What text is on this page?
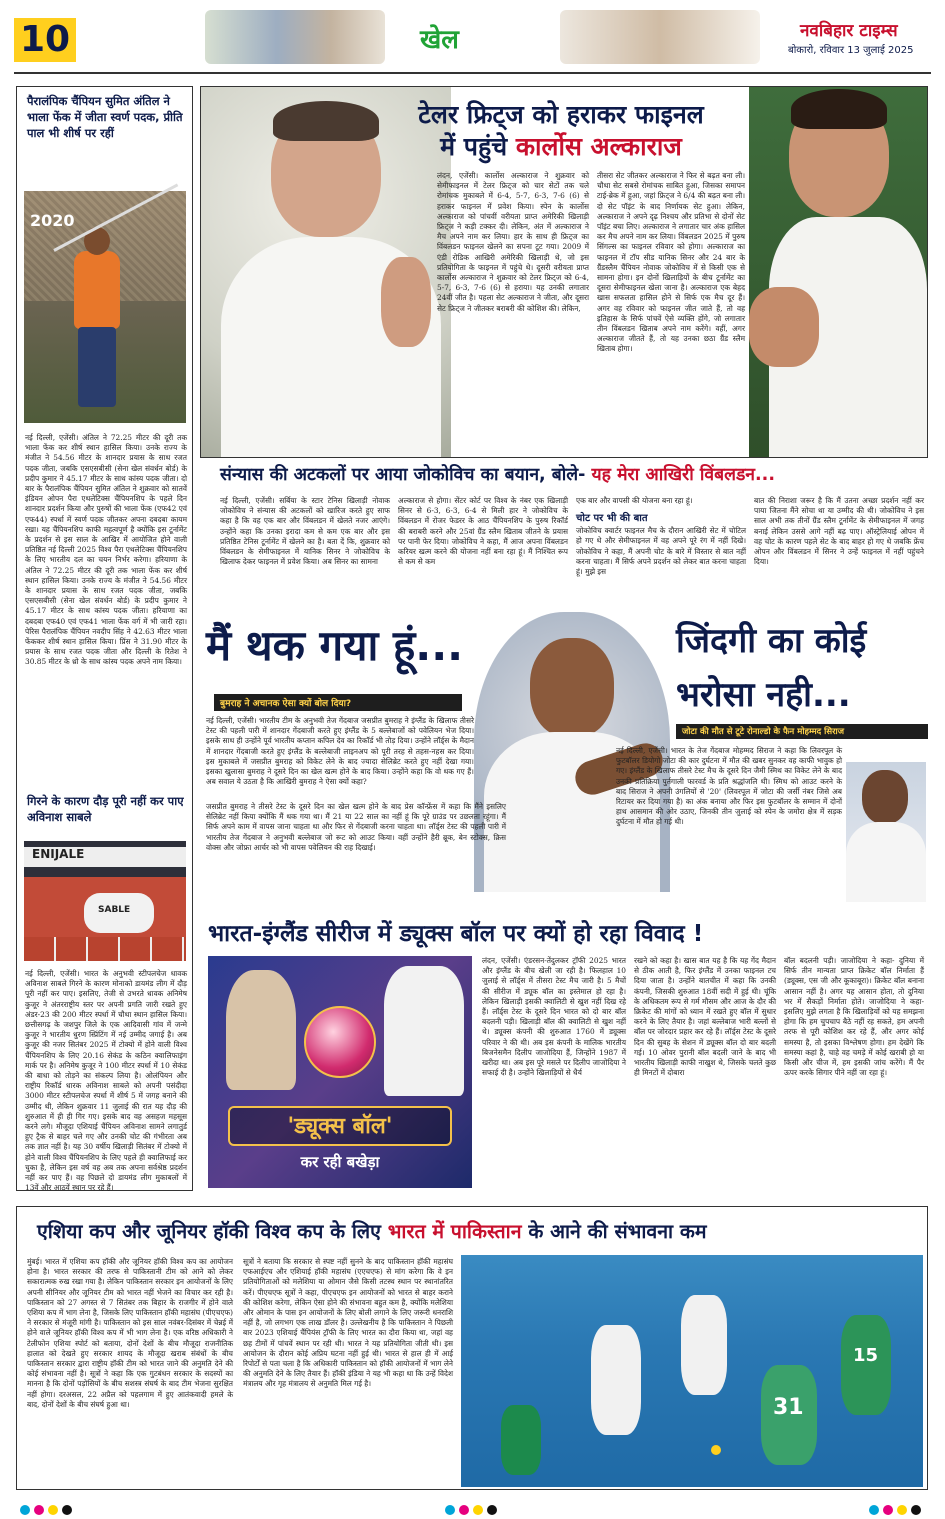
10	खेल	नवबिहार टाइम्स
बोकारो, रविवार 13 जुलाई 2025
पैरालंपिक चैंपियन सुमित अंतिल ने भाला फेंक में जीता स्वर्ण पदक, प्रीति पाल भी शीर्ष पर रहीं
2020
नई दिल्ली, एजेंसी। अंतिल ने 72.25 मीटर की दूरी तक भाला फेंक कर शीर्ष स्थान हासिल किया। उनके राज्य के मंजीत ने 54.56 मीटर के शानदार प्रयास के साथ रजत पदक जीता, जबकि एसएसबीसी (सेना खेल संवर्धन बोर्ड) के प्रदीप कुमार ने 45.17 मीटर के साथ कांस्य पदक जीता। दो बार के पैरालंपिक चैंपियन सुमित अंतिल ने शुक्रवार को सातवें इंडियन ओपन पैरा एथलेटिक्स चैंपियनशिप के पहले दिन शानदार प्रदर्शन किया और पुरुषों की भाला फेंक (एफ42 एवं एफ44) स्पर्धा में स्वर्ण पदक जीतकर अपना दबदबा कायम रखा। यह चैंपियनशिप काफी महत्वपूर्ण है क्योंकि इस टूर्नामेंट के प्रदर्शन से इस साल के आखिर में आयोजित होने वाली प्रतिष्ठित नई दिल्ली 2025 विश्व पैरा एथलेटिक्स चैंपियनशिप के लिए भारतीय दल का चयन निर्भर करेगा। हरियाणा के अंतिल ने 72.25 मीटर की दूरी तक भाला फेंक कर शीर्ष स्थान हासिल किया। उनके राज्य के मंजीत ने 54.56 मीटर के शानदार प्रयास के साथ रजत पदक जीता, जबकि एसएसबीसी (सेना खेल संवर्धन बोर्ड) के प्रदीप कुमार ने 45.17 मीटर के साथ कांस्य पदक जीता। हरियाणा का दबदबा एफ40 एवं एफ41 भाला फेंक वर्ग में भी जारी रहा। पेरिस पैरालंपिक चैंपियन नवदीप सिंह ने 42.63 मीटर भाला फेंककर शीर्ष स्थान हासिल किया। प्रिंस ने 31.90 मीटर के प्रयास के साथ रजत पदक जीता और दिल्ली के रितेश ने 30.85 मीटर के थ्रो के साथ कांस्य पदक अपने नाम किया।
गिरने के कारण दौड़ पूरी नहीं कर पाए अविनाश साबले
ENIJALE
SABLE
नई दिल्ली, एजेंसी। भारत के अनुभवी स्टीपलचेज धावक अविनाश साबले गिरने के कारण मोनाको डायमंड लीग में दौड़ पूरी नहीं कर पाए। इसलिए, तेजी से उभरते धावक अनिमेष कुजूर ने अंतरराष्ट्रीय स्तर पर अपनी प्रगति जारी रखते हुए अंडर-23 की 200 मीटर स्पर्धा में चौथा स्थान हासिल किया। छत्तीसगढ़ के जशपुर जिले के एक आदिवासी गांव में जन्मे कुजूर ने भारतीय धुरण स्प्रिंटिंग में नई उम्मीद जगाई है। अब कुजूर की नजर सितंबर 2025 में टोक्यो में होने वाली विश्व चैंपियनशिप के लिए 20.16 सेकंड के कठिन क्वालिफाइंग मार्क पर है। अनिमेष कुजूर ने 100 मीटर स्पर्धा में 10 सेकंड की बाधा को तोड़ने का संकल्प लिया है। ओलंपियन और राष्ट्रीय रिकॉर्ड धारक अविनाश साबले को अपनी पसंदीदा 3000 मीटर स्टीपलचेज स्पर्धा में शीर्ष 5 में जगह बनाने की उम्मीद थी, लेकिन शुक्रवार 11 जुलाई की रात यह दौड़ की शुरुआत में ही ही गिर गए। इसके बाद वह असहज महसूस करने लगे। मौजूदा एशियाई चैंपियन अविनाश सामने लगातुर्ड हुए ट्रैक से बाहर चले गए और उनकी चोट की गंभीरता अब तक ज्ञात नहीं है। यह 30 वर्षीय खिलाड़ी सितंबर में टोक्यो में होने वाली विश्व चैंपियनशिप के लिए पहले ही क्वालिफाई कर चुका है, लेकिन इस वर्ष वह अब तक अपना सर्वश्रेष्ठ प्रदर्शन नहीं कर पाए हैं। वह पिछले दो डायमंड लीग मुकाबलों में 13वें और आठवें स्थान पर रहे हैं।
टेलर फ्रिट्ज को हराकर फाइनल
में पहुंचे कार्लोस अल्काराज
लंदन, एजेंसी। कार्लोस अल्काराज ने शुक्रवार को सेमीफाइनल में टेलर फ्रिट्ज को चार सेटों तक चले रोमांचक मुकाबले में 6-4, 5-7, 6-3, 7-6 (6) से हराकर फाइनल में प्रवेश किया। स्पेन के कार्लोस अल्काराज को पांचवीं वरीयता प्राप्त अमेरिकी खिलाड़ी फ्रिट्ज ने कड़ी टक्कर दी। लेकिन, अंत में अल्काराज ने मैच अपने नाम कर लिया। हार के साथ ही फ्रिट्ज का विंबलडन फाइनल खेलने का सपना टूट गया। 2009 में एंडी रोडिक आखिरी अमेरिकी खिलाड़ी थे, जो इस प्रतियोगिता के फाइनल में पहुंचे थे। दूसरी वरीयता प्राप्त कार्लोस अल्काराज ने शुक्रवार को टेलर फ्रिट्ज को 6-4, 5-7, 6-3, 7-6 (6) से हराया। यह उनकी लगातार 24वीं जीत है। पहला सेट अल्काराज ने जीता, और दूसरा सेट फ्रिट्ज ने जीतकर बराबरी की कोशिश की। लेकिन,
तीसरा सेट जीतकर अल्काराज ने फिर से बढ़त बना ली। चौथा सेट सबसे रोमांचक साबित हुआ, जिसका समापन टाई-ब्रेक में हुआ, जहां फ्रिट्ज ने 6/4 की बढ़त बना ली। दो सेट पॉइंट के बाद निर्णायक सेट हुआ। लेकिन, अल्काराज ने अपने दृढ़ निश्चय और प्रतिभा से दोनों सेट पॉइंट बचा लिए। अल्काराज ने लगातार चार अंक हासिल कर मैच अपने नाम कर लिया। विंबलडन 2025 में पुरुष सिंगल्स का फाइनल रविवार को होगा। अल्काराज का फाइनल में टॉप सीड यानिक सिनर और 24 बार के ग्रैंडस्लैम चैंपियन नोवाक जोकोविच में से किसी एक से सामना होगा। इन दोनों खिलाड़ियों के बीच टूर्नामेंट का दूसरा सेमीफाइनल खेला जाना है। अल्काराज एक बेहद खास सफलता हासिल होने से सिर्फ एक मैच दूर हैं। अगर वह रविवार को फाइनल जीत जाते हैं, तो वह इतिहास के सिर्फ पांचवें ऐसे व्यक्ति होंगे, जो लगातार तीन विंबलडन खिताब अपने नाम करेंगे। वहीं, अगर अल्काराज जीतते हैं, तो यह उनका छठा ग्रैंड स्लैम खिताब होगा।
संन्यास की अटकलों पर आया जोकोविच का बयान, बोले- यह मेरा आखिरी विंबलडन...
नई दिल्ली, एजेंसी। सर्बिया के स्टार टेनिस खिलाड़ी नोवाक जोकोविच ने संन्यास की अटकलों को खारिज करते हुए साफ कहा है कि वह एक बार और विंबलडन में खेलते नजर आएंगे। उन्होंने कहा कि उनका इरादा कम से कम एक बार और इस प्रतिष्ठित टेनिस टूर्नामेंट में खेलने का है। बता दें कि, शुक्रवार को विंबलडन के सेमीफाइनल में यानिक सिनर ने जोकोविच के खिलाफ देकर फाइनल में प्रवेश किया। अब सिनर का सामना
अल्काराज से होगा। सेंटर कोर्ट पर विश्व के नंबर एक खिलाड़ी सिनर से 6-3, 6-3, 6-4 से मिली हार ने जोकोविच के विंबलडन में रोजर फेडरर के आठ चैंपियनशिप के पुरुष रिकॉर्ड की बराबरी करने और 25वां ग्रैंड स्लैम खिताब जीतने के प्रयास पर पानी फेर दिया। जोकोविच ने कहा, मैं आज अपना विंबलडन करियर खत्म करने की योजना नहीं बना रहा हूं। मैं निश्चित रूप से कम से कम
एक बार और वापसी की योजना बना रहा हूं।
चोट पर भी की बात
जोकोविच क्वार्टर फाइनल मैच के दौरान आखिरी सेट में चोटिल हो गए थे और सेमीफाइनल में वह अपने पूरे रंग में नहीं दिखे। जोकोविच ने कहा, मैं अपनी चोट के बारे में विस्तार से बात नहीं करना चाहता। मैं सिर्फ अपने प्रदर्शन को लेकर बात करना चाहता हूं। मुझे इस
बात की निराशा जरूर है कि मैं उतना अच्छा प्रदर्शन नहीं कर पाया जितना मैंने सोचा था या उम्मीद की थी। जोकोविच ने इस साल अभी तक तीनों ग्रैंड स्लैम टूर्नामेंट के सेमीफाइनल में जगह बनाई लेकिन उससे आगे नहीं बढ़ पाए। ऑस्ट्रेलियाई ओपन में वह चोट के कारण पहले सेट के बाद बाहर हो गए थे जबकि फ्रेंच ओपन और विंबलडन में सिनर ने उन्हें फाइनल में नहीं पहुंचने दिया।
मैं थक गया हूं...
बुमराह ने अचानक ऐसा क्यों बोल दिया?
नई दिल्ली, एजेंसी। भारतीय टीम के अनुभवी तेज गेंदबाज जसप्रीत बुमराह ने इंग्लैंड के खिलाफ तीसरे टेस्ट की पहली पारी में शानदार गेंदबाजी करते हुए इंग्लैंड के 5 बल्लेबाजों को पवेलियन भेज दिया। इसके साथ ही उन्होंने पूर्व भारतीय कप्तान कपिल देव का रिकॉर्ड भी तोड़ दिया। उन्होंने लॉर्ड्स के मैदान में शानदार गेंदबाजी करते हुए इंग्लैंड के बल्लेबाजी लाइनअप को पूरी तरह से तहस-नहस कर दिया। इस मुकाबले में जसप्रीत बुमराह को विकेट लेने के बाद ज्यादा सेलिब्रेट करते हुए नहीं देखा गया। इसका खुलासा बुमराह ने दूसरे दिन का खेल खत्म होने के बाद किया। उन्होंने कहा कि वो थक गए हैं। अब सवाल ये उठता है कि आखिरी बुमराह ने ऐसा क्यों कहा?
जसप्रीत बुमराह ने तीसरे टेस्ट के दूसरे दिन का खेल खत्म होने के बाद प्रेस कॉन्फ्रेंस में कहा कि मैंने इसलिए सेलिब्रेट नहीं किया क्योंकि मैं थक गया था। मैं 21 या 22 साल का नहीं हूं कि पूरे ग्राउंड पर उछलता रहूंगा। मैं सिर्फ अपने काम में वापस जाना चाहता था और फिर से गेंदबाजी करना चाहता था। लॉर्ड्स टेस्ट की पहली पारी में भारतीय तेज गेंदबाज ने अनुभवी बल्लेबाज जो रूट को आउट किया। वहीं उन्होंने हैरी ब्रूक, बेन स्टोक्स, क्रिस वोक्स और जोफ्रा आर्चर को भी वापस पवेलियन की राह दिखाई।
जिंदगी का कोई
भरोसा नही...
जोटा की मौत से टूटे रोनाल्डो के फैन मोहम्मद सिराज
नई दिल्ली, एजेंसी। भारत के तेज गेंदबाज मोहम्मद सिराज ने कहा कि लिवरपूल के फुटबॉलर डियोगो जोटा की कार दुर्घटना में मौत की खबर सुनकर वह काफी भावुक हो गए। इंग्लैंड के खिलाफ तीसरे टेस्ट मैच के दूसरे दिन जैमी स्मिथ का विकेट लेने के बाद उनकी प्रतिक्रिया पुर्तगाली फारवर्ड के प्रति श्रद्धांजलि थी। स्मिथ को आउट करने के बाद सिराज ने अपनी उंगलियों से '20' (लिवरपूल में जोटा की जर्सी नंबर जिसे अब रिटायर कर दिया गया है) का अंक बनाया और फिर इस फुटबॉलर के सम्मान में दोनों हाथ आसमान की ओर उठाए, जिनकी तीन जुलाई को स्पेन के जमोरा क्षेत्र में सड़क दुर्घटना में मौत हो गई थी।
भारत-इंग्लैंड सीरीज में ड्यूक्स बॉल पर क्यों हो रहा विवाद !
'ड्यूक्स बॉल'
कर रही बखेड़ा
लंदन, एजेंसी। एंडरसन-तेंदुलकर ट्रॉफी 2025 भारत और इंग्लैंड के बीच खेली जा रही है। फिलहाल 10 जुलाई से लॉर्ड्स में तीसरा टेस्ट मैच जारी है। 5 मैचों की सीरीज में ड्यूक बॉल का इस्तेमाल हो रहा है। लेकिन खिलाड़ी इसकी क्वालिटी से खुश नहीं दिख रहे हैं। लॉर्ड्स टेस्ट के दूसरे दिन भारत को दो बार बॉल बदलनी पड़ी। खिलाड़ी बॉल की क्वालिटी से खुश नहीं थे। ड्यूक्स कंपनी की शुरुआत 1760 में ड्यूक्स परिवार ने की थी। अब इस कंपनी के मालिक भारतीय बिजनेसमैन दिलीप जाजोदिया हैं, जिन्होंने 1987 में खरीदा था। अब इस पूरे मसले पर दिलीप जाजोदिया ने सफाई दी है। उन्होंने खिलाड़ियों से धैर्य
रखने को कहा है। खास बात यह है कि यह गेंद मैदान से ठीक आती है, फिर इंग्लैंड में उनका फाइनल टच दिया जाता है। उन्होंने बातचीत में कहा कि उनकी कंपनी, जिसकी शुरुआत 18वीं सदी में हुई थी। चूंकि के अधिकतम रूप से गर्म मौसम और आज के दौर की क्रिकेट की मांगों को ध्यान में रखते हुए बॉल में सुधार करने के लिए तैयार है। जहां बल्लेबाज भारी बल्लों से बॉल पर जोरदार प्रहार कर रहे हैं। लॉर्ड्स टेस्ट के दूसरे दिन की सुबह के सेशन में ड्यूक्स बॉल दो बार बदली गई। 10 ओवर पुरानी बॉल बदली जाने के बाद भी भारतीय खिलाड़ी काफी नाखुश थे, जिसके चलते कुछ ही मिनटों में दोबारा
बॉल बदलनी पड़ी। जाजोदिया ने कहा- दुनिया में सिर्फ तीन मान्यता प्राप्त क्रिकेट बॉल निर्माता हैं (ड्यूक्स, एस जी और कूकाबूरा)। क्रिकेट बॉल बनाना आसान नहीं है। अगर यह आसान होता, तो दुनिया भर में सैकड़ों निर्माता होते। जाजोदिया ने कहा- इसलिए मुझे लगता है कि खिलाड़ियों को यह समझना होगा कि हम चुपचाप बैठे नहीं रह सकते, हम अपनी तरफ से पूरी कोशिश कर रहे हैं, और अगर कोई समस्या है, तो इसका विश्लेषण होगा। हम देखेंगे कि समस्या कहां है, चाहे वह चमड़े में कोई खराबी हो या किसी और चीज में, हम इसकी जांच करेंगे। मैं पैर ऊपर करके सिगार पीने नहीं जा रहा हूं।
एशिया कप और जूनियर हॉकी विश्व कप के लिए भारत में पाकिस्तान के आने की संभावना कम
मुंबई। भारत में एशिया कप हॉकी और जूनियर हॉकी विश्व कप का आयोजन होना है। भारत सरकार की तरफ से पाकिस्तानी टीम को आने को लेकर सकारात्मक रुख रखा गया है। लेकिन पाकिस्तान सरकार इन आयोजनों के लिए अपनी सीनियर और जूनियर टीम को भारत नहीं भेजने का विचार कर रही है। पाकिस्तान को 27 अगस्त से 7 सितंबर तक बिहार के राजगीर में होने वाले एशिया कप में भाग लेना है, जिसके लिए पाकिस्तान हॉकी महासंघ (पीएचएफ) ने सरकार से मंजूरी मांगी है। पाकिस्तान को इस साल नवंबर-दिसंबर में चेन्नई में होने वाले जूनियर हॉकी विश्व कप में भी भाग लेना है। एक वरिष्ठ अधिकारी ने टेलीफोन एशिया स्पोर्ट को बताया, दोनों देशों के बीच मौजूदा राजनीतिक हालात को देखते हुए सरकार शायद के मौजूदा खराब संबंधों के बीच पाकिस्तान सरकार द्वारा राष्ट्रीय हॉकी टीम को भारत जाने की अनुमति देने की कोई संभावना नहीं है। सूत्रों ने कहा कि एक गुटबंधन सरकार के सदस्यों का मानना है कि दोनों पड़ोसियों के बीच सशस्त्र संघर्ष के बाद टीम भेजना सुरक्षित नहीं होगा। दरअसल, 22 अप्रैल को पहलगाम में हुए आतंकवादी हमले के बाद, दोनों देशों के बीच संघर्ष हुआ था।
सूत्रों ने बताया कि सरकार से स्पष्ट नहीं सुनने के बाद पाकिस्तान हॉकी महासंघ एफआईएच और एशियाई हॉकी महासंघ (एएचएफ) से मांग करेगा कि वे इन प्रतियोगिताओं को मलेशिया या ओमान जैसे किसी तटस्थ स्थान पर स्थानांतरित करें। पीएचएफ सूत्रों ने कहा, पीएचएफ इन आयोजनों को भारत से बाहर कराने की कोशिश करेगा, लेकिन ऐसा होने की संभावना बहुत कम है, क्योंकि मलेशिया और ओमान के पास इन आयोजनों के लिए बोली लगाने के लिए जरूरी धनराशि नहीं है, जो लगभग एक लाख डॉलर है। उल्लेखनीय है कि पाकिस्तान ने पिछली बार 2023 एशियाई चैंपियंस ट्रॉफी के लिए भारत का दौरा किया था, जहां वह छह टीमों में पांचवें स्थान पर रही थी। भारत ने यह प्रतियोगिता जीती थी। इस आयोजन के दौरान कोई अप्रिय घटना नहीं हुई थी। भारत से हाल ही में आई रिपोर्टों से पता चला है कि अधिकारी पाकिस्तान को हॉकी आयोजनों में भाग लेने की अनुमति देने के लिए तैयार हैं। हॉकी इंडिया ने यह भी कहा था कि उन्हें विदेश मंत्रालय और गृह मंत्रालय से अनुमति मिल गई है।
31
15
